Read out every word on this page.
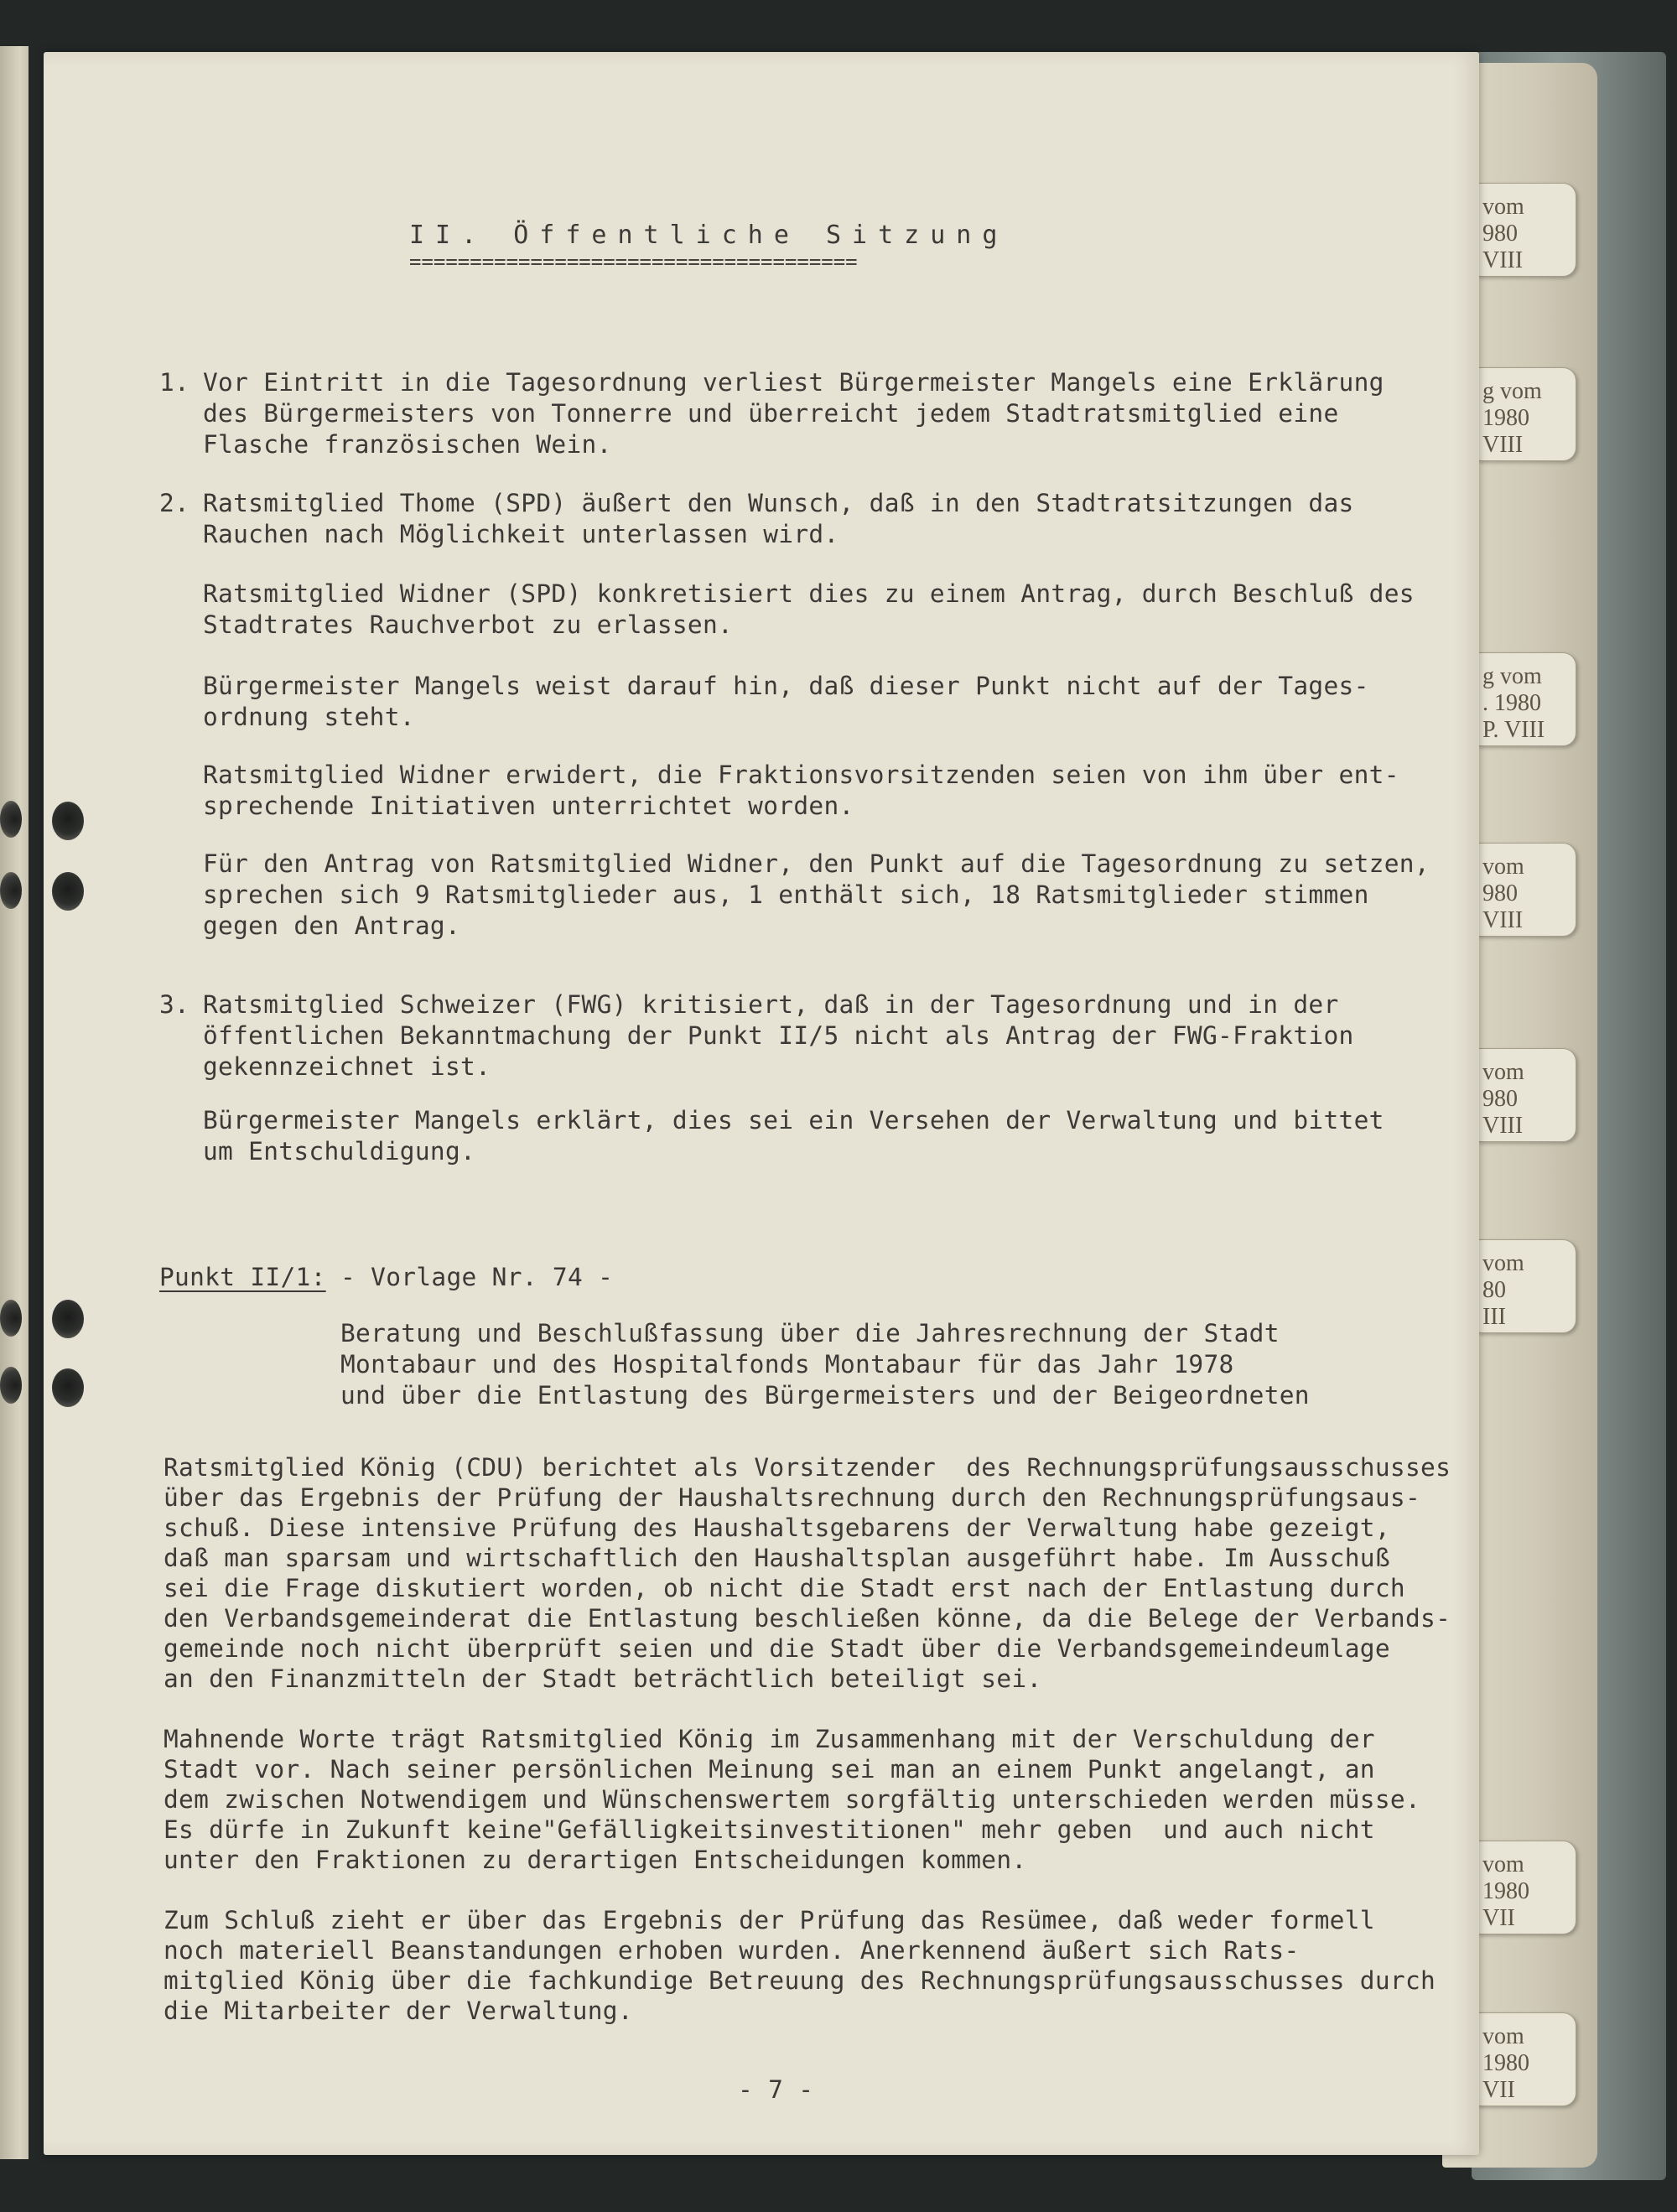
vom
980
VIII
g vom
1980
VIII
g vom
. 1980
P. VIII
vom
980
VIII
vom
980
VIII
vom
80
III
vom
1980
VII
vom
1980
VII
II. Öffentliche Sitzung
=====================================
1. Vor Eintritt in die Tagesordnung verliest Bürgermeister Mangels eine Erklärung
des Bürgermeisters von Tonnerre und überreicht jedem Stadtratsmitglied eine
Flasche französischen Wein.
2. Ratsmitglied Thome (SPD) äußert den Wunsch, daß in den Stadtratsitzungen das
Rauchen nach Möglichkeit unterlassen wird.
Ratsmitglied Widner (SPD) konkretisiert dies zu einem Antrag, durch Beschluß des
Stadtrates Rauchverbot zu erlassen.
Bürgermeister Mangels weist darauf hin, daß dieser Punkt nicht auf der Tages-
ordnung steht.
Ratsmitglied Widner erwidert, die Fraktionsvorsitzenden seien von ihm über ent-
sprechende Initiativen unterrichtet worden.
Für den Antrag von Ratsmitglied Widner, den Punkt auf die Tagesordnung zu setzen,
sprechen sich 9 Ratsmitglieder aus, 1 enthält sich, 18 Ratsmitglieder stimmen
gegen den Antrag.
3. Ratsmitglied Schweizer (FWG) kritisiert, daß in der Tagesordnung und in der
öffentlichen Bekanntmachung der Punkt II/5 nicht als Antrag der FWG-Fraktion
gekennzeichnet ist.
Bürgermeister Mangels erklärt, dies sei ein Versehen der Verwaltung und bittet
um Entschuldigung.
Punkt II/1: - Vorlage Nr. 74 -
Beratung und Beschlußfassung über die Jahresrechnung der Stadt
Montabaur und des Hospitalfonds Montabaur für das Jahr 1978
und über die Entlastung des Bürgermeisters und der Beigeordneten
Ratsmitglied König (CDU) berichtet als Vorsitzender  des Rechnungsprüfungsausschusses
über das Ergebnis der Prüfung der Haushaltsrechnung durch den Rechnungsprüfungsaus-
schuß. Diese intensive Prüfung des Haushaltsgebarens der Verwaltung habe gezeigt,
daß man sparsam und wirtschaftlich den Haushaltsplan ausgeführt habe. Im Ausschuß
sei die Frage diskutiert worden, ob nicht die Stadt erst nach der Entlastung durch
den Verbandsgemeinderat die Entlastung beschließen könne, da die Belege der Verbands-
gemeinde noch nicht überprüft seien und die Stadt über die Verbandsgemeindeumlage
an den Finanzmitteln der Stadt beträchtlich beteiligt sei.
Mahnende Worte trägt Ratsmitglied König im Zusammenhang mit der Verschuldung der
Stadt vor. Nach seiner persönlichen Meinung sei man an einem Punkt angelangt, an
dem zwischen Notwendigem und Wünschenswertem sorgfältig unterschieden werden müsse.
Es dürfe in Zukunft keine"Gefälligkeitsinvestitionen" mehr geben  und auch nicht
unter den Fraktionen zu derartigen Entscheidungen kommen.
Zum Schluß zieht er über das Ergebnis der Prüfung das Resümee, daß weder formell
noch materiell Beanstandungen erhoben wurden. Anerkennend äußert sich Rats-
mitglied König über die fachkundige Betreuung des Rechnungsprüfungsausschusses durch
die Mitarbeiter der Verwaltung.
- 7 -
